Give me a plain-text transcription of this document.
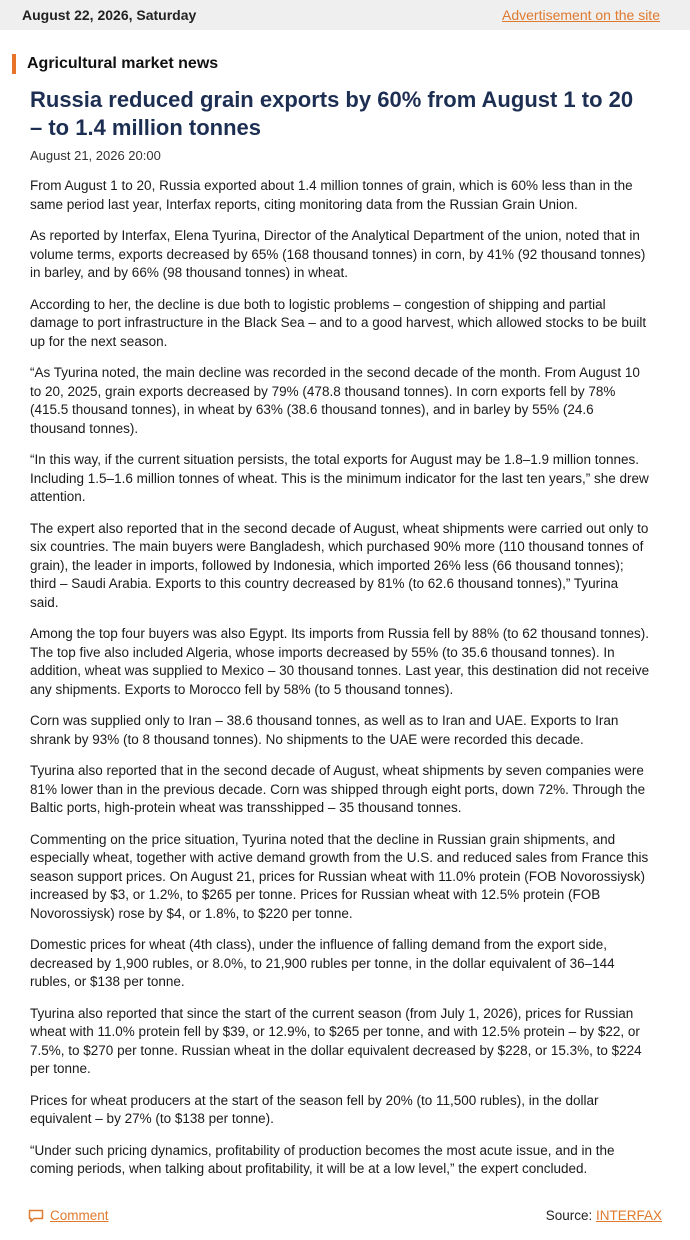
August 22, 2026, Saturday	Advertisement on the site
Agricultural market news
Russia reduced grain exports by 60% from August 1 to 20 – to 1.4 million tonnes
August 21, 2026 20:00

From August 1 to 20, Russia exported about 1.4 million tonnes of grain, which is 60% less than in the same period last year, Interfax reports, citing monitoring data from the Russian Grain Union.

As reported by Interfax, Elena Tyurina, Director of the Analytical Department of the union, noted that in volume terms, exports decreased by 65% (168 thousand tonnes) in corn, by 41% (92 thousand tonnes) in barley, and by 66% (98 thousand tonnes) in wheat.

According to her, the decline is due both to logistic problems – congestion of shipping and partial damage to port infrastructure in the Black Sea – and to a good harvest, which allowed stocks to be built up for the next season.

“As Tyurina noted, the main decline was recorded in the second decade of the month. From August 10 to 20, 2025, grain exports decreased by 79% (478.8 thousand tonnes). In corn exports fell by 78% (415.5 thousand tonnes), in wheat by 63% (38.6 thousand tonnes), and in barley by 55% (24.6 thousand tonnes).

“In this way, if the current situation persists, the total exports for August may be 1.8–1.9 million tonnes. Including 1.5–1.6 million tonnes of wheat. This is the minimum indicator for the last ten years,” she drew attention.

The expert also reported that in the second decade of August, wheat shipments were carried out only to six countries. The main buyers were Bangladesh, which purchased 90% more (110 thousand tonnes of grain), the leader in imports, followed by Indonesia, which imported 26% less (66 thousand tonnes); third – Saudi Arabia. Exports to this country decreased by 81% (to 62.6 thousand tonnes),” Tyurina said.

Among the top four buyers was also Egypt. Its imports from Russia fell by 88% (to 62 thousand tonnes). The top five also included Algeria, whose imports decreased by 55% (to 35.6 thousand tonnes). In addition, wheat was supplied to Mexico – 30 thousand tonnes. Last year, this destination did not receive any shipments. Exports to Morocco fell by 58% (to 5 thousand tonnes).

Corn was supplied only to Iran – 38.6 thousand tonnes, as well as to Iran and UAE. Exports to Iran shrank by 93% (to 8 thousand tonnes). No shipments to the UAE were recorded this decade.

Tyurina also reported that in the second decade of August, wheat shipments by seven companies were 81% lower than in the previous decade. Corn was shipped through eight ports, down 72%. Through the Baltic ports, high-protein wheat was transshipped – 35 thousand tonnes.

Commenting on the price situation, Tyurina noted that the decline in Russian grain shipments, and especially wheat, together with active demand growth from the U.S. and reduced sales from France this season support prices. On August 21, prices for Russian wheat with 11.0% protein (FOB Novorossiysk) increased by $3, or 1.2%, to $265 per tonne. Prices for Russian wheat with 12.5% protein (FOB Novorossiysk) rose by $4, or 1.8%, to $220 per tonne.

Domestic prices for wheat (4th class), under the influence of falling demand from the export side, decreased by 1,900 rubles, or 8.0%, to 21,900 rubles per tonne, in the dollar equivalent of 36–144 rubles, or $138 per tonne.

Tyurina also reported that since the start of the current season (from July 1, 2026), prices for Russian wheat with 11.0% protein fell by $39, or 12.9%, to $265 per tonne, and with 12.5% protein – by $22, or 7.5%, to $270 per tonne. Russian wheat in the dollar equivalent decreased by $228, or 15.3%, to $224 per tonne.

Prices for wheat producers at the start of the season fell by 20% (to 11,500 rubles), in the dollar equivalent – by 27% (to $138 per tonne).

“Under such pricing dynamics, profitability of production becomes the most acute issue, and in the coming periods, when talking about profitability, it will be at a low level,” the expert concluded.

Comment	Source: INTERFAX
